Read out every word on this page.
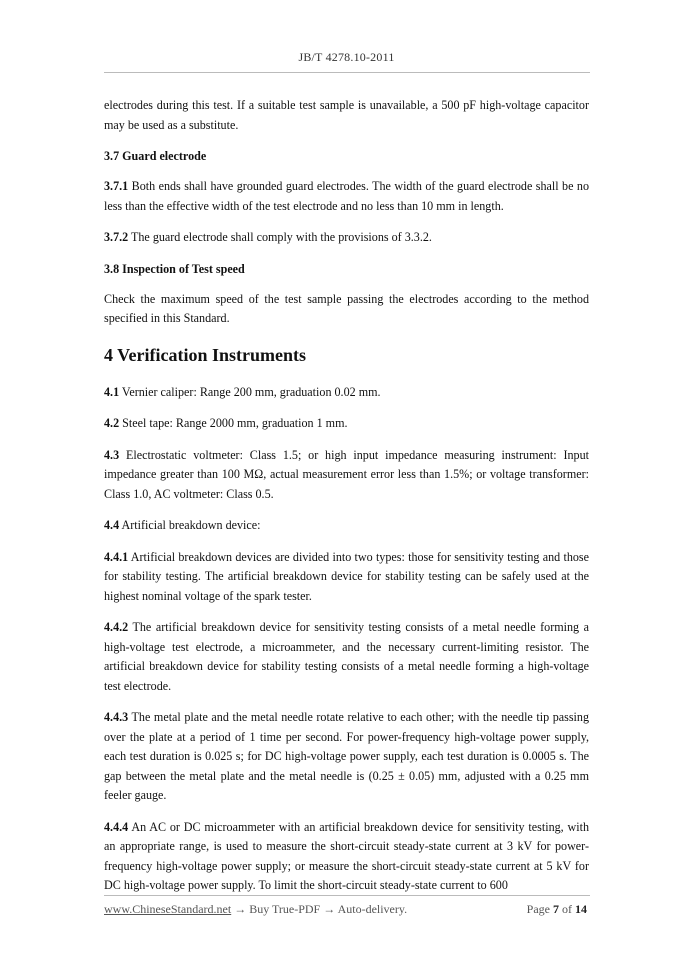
JB/T 4278.10-2011

electrodes during this test. If a suitable test sample is unavailable, a 500 pF high-voltage capacitor may be used as a substitute.

3.7 Guard electrode

3.7.1 Both ends shall have grounded guard electrodes. The width of the guard electrode shall be no less than the effective width of the test electrode and no less than 10 mm in length.

3.7.2 The guard electrode shall comply with the provisions of 3.3.2.

3.8 Inspection of Test speed

Check the maximum speed of the test sample passing the electrodes according to the method specified in this Standard.

4 Verification Instruments

4.1 Vernier caliper: Range 200 mm, graduation 0.02 mm.

4.2 Steel tape: Range 2000 mm, graduation 1 mm.

4.3 Electrostatic voltmeter: Class 1.5; or high input impedance measuring instrument: Input impedance greater than 100 MΩ, actual measurement error less than 1.5%; or voltage transformer: Class 1.0, AC voltmeter: Class 0.5.

4.4 Artificial breakdown device:

4.4.1 Artificial breakdown devices are divided into two types: those for sensitivity testing and those for stability testing. The artificial breakdown device for stability testing can be safely used at the highest nominal voltage of the spark tester.

4.4.2 The artificial breakdown device for sensitivity testing consists of a metal needle forming a high-voltage test electrode, a microammeter, and the necessary current-limiting resistor. The artificial breakdown device for stability testing consists of a metal needle forming a high-voltage test electrode.

4.4.3 The metal plate and the metal needle rotate relative to each other; with the needle tip passing over the plate at a period of 1 time per second. For power-frequency high-voltage power supply, each test duration is 0.025 s; for DC high-voltage power supply, each test duration is 0.0005 s. The gap between the metal plate and the metal needle is (0.25 ± 0.05) mm, adjusted with a 0.25 mm feeler gauge.

4.4.4 An AC or DC microammeter with an artificial breakdown device for sensitivity testing, with an appropriate range, is used to measure the short-circuit steady-state current at 3 kV for power-frequency high-voltage power supply; or measure the short-circuit steady-state current at 5 kV for DC high-voltage power supply. To limit the short-circuit steady-state current to 600

www.ChineseStandard.net → Buy True-PDF → Auto-delivery.	Page 7 of 14
